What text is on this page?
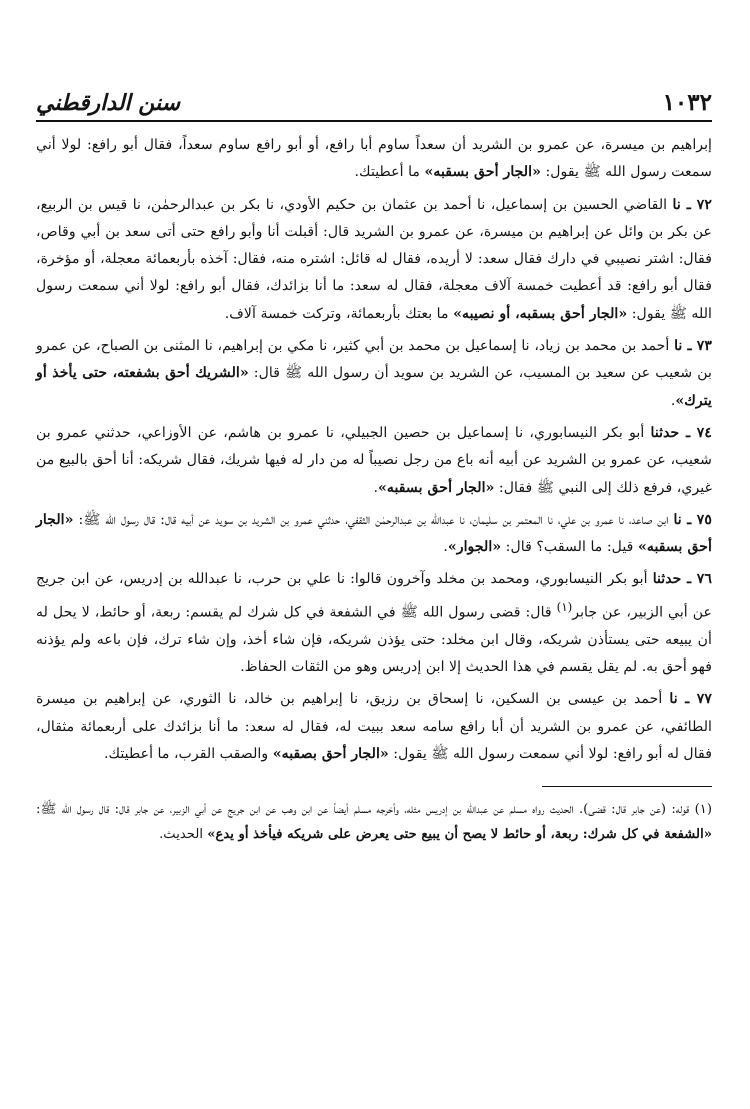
١٠٣٢
سنن الدارقطني

إبراهيم بن ميسرة، عن عمرو بن الشريد أن سعداً ساوم أبا رافع، أو أبو رافع ساوم سعداً، فقال أبو رافع: لولا أني سمعت رسول الله ﷺ يقول: «الجار أحق بسقبه» ما أعطيتك.

٧٢ ـ نا القاضي الحسين بن إسماعيل، نا أحمد بن عثمان بن حكيم الأودي، نا بكر بن عبدالرحمٰن، نا قيس بن الربيع، عن بكر بن وائل عن إبراهيم بن ميسرة، عن عمرو بن الشريد قال: أقبلت أنا وأبو رافع حتى أتى سعد بن أبي وقاص، فقال: اشتر نصيبي في دارك فقال سعد: لا أريده، فقال له قائل: اشتره منه، فقال: آخذه بأربعمائة معجلة، أو مؤخرة، فقال أبو رافع: قد أعطيت خمسة آلاف معجلة، فقال له سعد: ما أنا بزائدك، فقال أبو رافع: لولا أني سمعت رسول الله ﷺ يقول: «الجار أحق بسقبه، أو نصيبه» ما بعتك بأربعمائة، وتركت خمسة آلاف.

٧٣ ـ نا أحمد بن محمد بن زياد، نا إسماعيل بن محمد بن أبي كثير، نا مكي بن إبراهيم، نا المثنى بن الصباح، عن عمرو بن شعيب عن سعيد بن المسيب، عن الشريد بن سويد أن رسول الله ﷺ قال: «الشريك أحق بشفعته، حتى يأخذ أو يترك».

٧٤ ـ حدثنا أبو بكر النيسابوري، نا إسماعيل بن حصين الجبيلي، نا عمرو بن هاشم، عن الأوزاعي، حدثني عمرو بن شعيب، عن عمرو بن الشريد عن أبيه أنه باع من رجل نصيباً له من دار له فيها شريك، فقال شريكه: أنا أحق بالبيع من غيري، فرفع ذلك إلى النبي ﷺ فقال: «الجار أحق بسقبه».

٧٥ ـ نا ابن صاعد، نا عمرو بن علي، نا المعتمر بن سليمان، نا عبدالله بن عبدالرحمٰن الثقفي، حدثني عمرو بن الشريد بن سويد عن أبيه قال: قال رسول الله ﷺ: «الجار أحق بسقبه» قيل: ما السقب؟ قال: «الجوار».

٧٦ ـ حدثنا أبو بكر النيسابوري، ومحمد بن مخلد وآخرون قالوا: نا علي بن حرب، نا عبدالله بن إدريس، عن ابن جريج عن أبي الزبير، عن جابر$^{(١)}$ قال: قضى رسول الله ﷺ في الشفعة في كل شرك لم يقسم: ربعة، أو حائط، لا يحل له أن يبيعه حتى يستأذن شريكه، وقال ابن مخلد: حتى يؤذن شريكه، فإن شاء أخذ، وإن شاء ترك، فإن باعه ولم يؤذنه فهو أحق به. لم يقل يقسم في هذا الحديث إلا ابن إدريس وهو من الثقات الحفاظ.

٧٧ ـ نا أحمد بن عيسى بن السكين، نا إسحاق بن رزيق، نا إبراهيم بن خالد، نا الثوري، عن إبراهيم بن ميسرة الطائفي، عن عمرو بن الشريد أن أبا رافع سامه سعد ببيت له، فقال له سعد: ما أنا بزائدك على أربعمائة مثقال، فقال له أبو رافع: لولا أني سمعت رسول الله ﷺ يقول: «الجار أحق بصقبه» والصقب القرب، ما أعطيتك.

(١) قوله: (عن جابر قال: قضى). الحديث رواه مسلم عن عبدالله بن إدريس مثله، وأخرجه مسلم أيضاً عن ابن وهب عن ابن جريج عن أبي الزبير، عن جابر قال: قال رسول الله ﷺ: «الشفعة في كل شرك: ربعة، أو حائط لا يصح أن يبيع حتى يعرض على شريكه فيأخذ أو يدع» الحديث.
